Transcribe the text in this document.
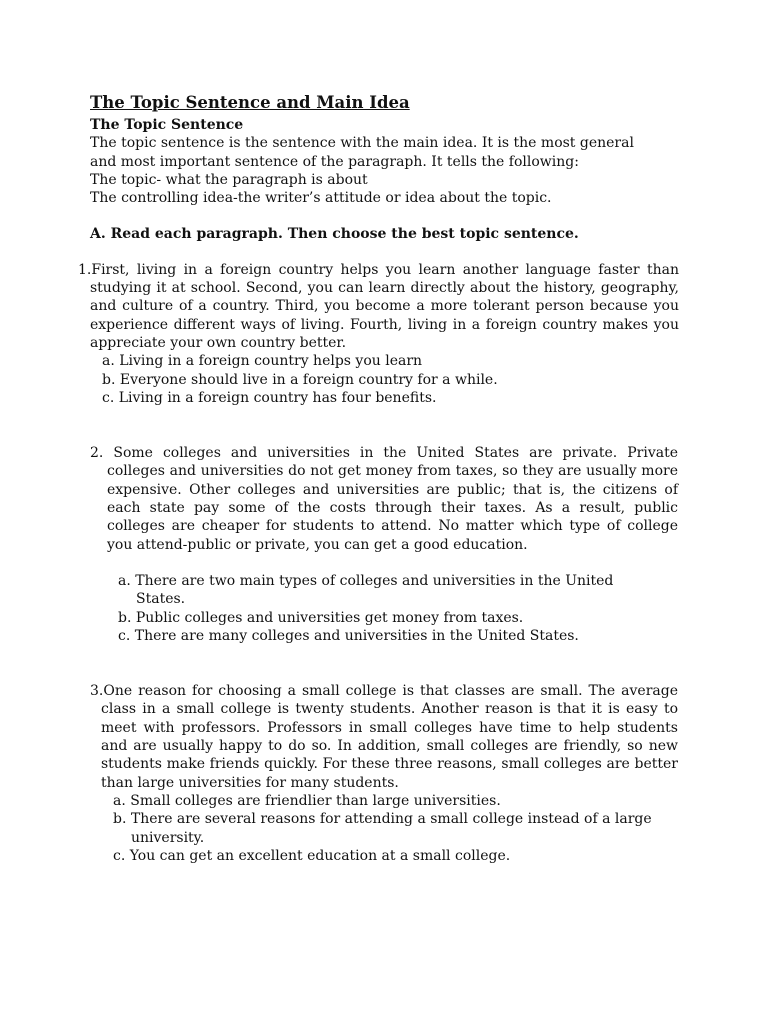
The Topic Sentence and Main Idea

The Topic Sentence

The topic sentence is the sentence with the main idea. It is the most general

and most important sentence of the paragraph. It tells the following:

The topic- what the paragraph is about

The controlling idea-the writer’s attitude or idea about the topic.

A. Read each paragraph. Then choose the best topic sentence.

1.First, living in a foreign country helps you learn another language faster than studying it at school. Second, you can learn directly about the history, geography, and culture of a country. Third, you become a more tolerant person because you experience different ways of living. Fourth, living in a foreign country makes you appreciate your own country better.

a. Living in a foreign country helps you learn
b. Everyone should live in a foreign country for a while.
c. Living in a foreign country has four benefits.

2. Some colleges and universities in the United States are private. Private colleges and universities do not get money from taxes, so they are usually more expensive. Other colleges and universities are public; that is, the citizens of each state pay some of the costs through their taxes. As a result, public colleges are cheaper for students to attend. No matter which type of college you attend-public or private, you can get a good education.

a. There are two main types of colleges and universities in the United States.
b. Public colleges and universities get money from taxes.
c. There are many colleges and universities in the United States.

3.One reason for choosing a small college is that classes are small. The average class in a small college is twenty students. Another reason is that it is easy to meet with professors. Professors in small colleges have time to help students and are usually happy to do so. In addition, small colleges are friendly, so new students make friends quickly. For these three reasons, small colleges are better than large universities for many students.

a. Small colleges are friendlier than large universities.
b. There are several reasons for attending a small college instead of a large university.
c. You can get an excellent education at a small college.
